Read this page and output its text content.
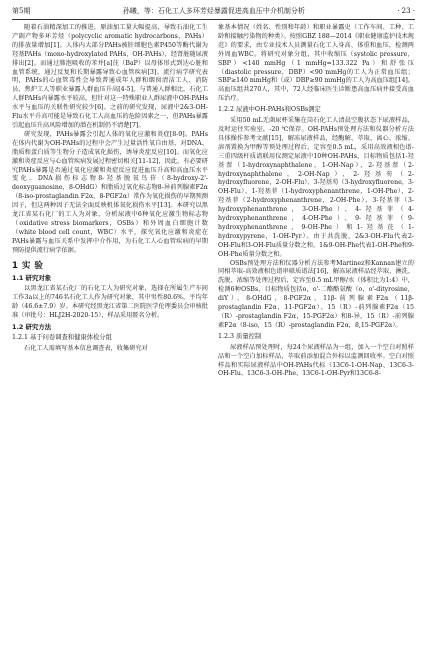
第5期	孙曦，等：石化工人多环芳烃暴露促进高血压中介机制分析	· 23 ·

随着石油精深加工的推进，原油加工量大幅提高，导致石油化工生产副产物多环芳烃（polycyclic aromatic hydrocarbons，PAHs）的排放量增加[1]。人体内大部分PAHs被肝细胞色素P450等酶代谢为羟基PAHs（mono-hydroxylated PAHs，OH-PAHs），经肾脏随尿液排出[2]。而通过肺泡吸收的苯并[a]芘（BaP）以母体形式到达心脏和血管系统，通过反复和长期暴露导致心血管疾病[3]。流行病学研究表明，PAHs的心血管毒性会导致普通成年人群和烟囱清洁工人、消防员、焦炉工人等职业暴露人群血压升高[4-5]。与普通人群相比，石化工人群PAHs内暴露水平较高，但针对这一特殊职业人群尿液中OH-PAHs水平与血压的关联性研究较少[6]。之前的研究发现，尿液中2&3-OH-Flu水平升高可能是导致石化工人高血压的危险因素之一，但PAHs暴露引起血压升高风险增加的潜在机制仍不清楚[7]。

研究发现，PAHs暴露会引起人体的氧化应激和炎症[8-9]。PAHs在体内代谢为OH-PAHs的过程中会产生过量活性氧自由基，对DNA、脂质和蛋白质等生物分子造成氧化损伤，诱导炎症反应[10]。而氧化应激和炎症反应与心血管疾病发展过程密切相关[11-12]，因此，有必要研究PAHs暴露是否通过氧化应激和炎症反应促进血压升高和高血压水平变化。DNA损伤标志物8-羟基脱氧鸟苷（8-hydroxy-2'-deoxyguanosine，8-OHdG）和脂质过氧化标志物8-异前列腺素F2α（8-iso-prostaglandin F2α，8-PGF2α）常作为氧化损伤的早期预测因子，但这两种因子无法全面反映机体氧化损伤水平[13]。本研究以黑龙江省某石化厂的工人为对象，分析尿液中6种氧化应激生物标志物（oxidative stress biomarkers，OSBs）和外周血白细胞计数（white blood cell count，WBC）水平，探究氧化应激和炎症在PAHs暴露与血压关系中发挥中介作用，为石化工人心血管疾病的早期预防提供流行病学依据。

1 实 验
1.1 研究对象

以黑龙江省某石化厂的石化工人为研究对象，选择在所属生产车间工作3a以上的746名石化工人作为研究对象，其中男性80.6%，平均年龄（46.6±7.9）岁。本研究经黑龙江省第二医院医学伦理委员会审核批准（审批号：HLJ2H-2020-15），样品采用匿名分析。

1.2 研究方法
1.2.1 基于问卷调查和健康体检分组

石化工人需填写基本信息调查表，收集研究对

象基本情况（姓名、性别和年龄）和职业暴露史（工作车间、工种、工龄和接触污染物的种类）。按照GBZ 188—2014《职业健康监护技术规范》的要求，由专业技术人员测量石化工人身高、体重和血压，检测两外周血WBC。将研究对象分组，其中收缩压（systolic pressure，SBP）<140 mmHg（1 mmHg=133.322 Pa）和舒张压（diastolic pressure，DBP）<90 mmHg的工人为正常血压组；SBP≥140 mmHg和（或）DBP≥90 mmHg的工人为高血压组[14]。高血压组共270人，其中，72人经临床医生诊断患高血压病并接受高血压治疗。

1.2.2 尿液中OH-PAHs和OSBs测定

采用50 mL无菌尿杯采集在岗石化工人清晨空腹状态下尿液样品，及时运往实验室，-20 ℃保存。OH-PAHs预处理方法和仪器分析方法具体操作参考文献[15]，解冻尿液样品，经酶解、萃取、离心、浓缩、溶剂置换为甲醇等预处理过程后，定容至0.5 mL，采用高效液相色谱-三重四级杆质谱联用仪测定尿液中10种OH-PAHs，目标物质包括1-羟基萘（1-hydroxynaphthalene，1-OH-Nap）、2-羟基萘（2-hydroxynaphthalene，2-OH-Nap）、2-羟基芴（2-hydroxyfluorene，2-OH-Flu）、3-羟基芴（3-hydroxyfluorene，3-OH-Flu）、1-羟基菲（1-hydroxyphenanthrene，1-OH-Phe）、2-羟基菲（2-hydroxyphenanthrene，2-OH-Phe）、3-羟基菲（3-hydroxyphenanthrene，3-OH-Phe）、4-羟基菲（4-hydroxyphenanthrene，4-OH-Phe）、9-羟基菲（9-hydroxyphenanthrene，9-OH-Phe）和1-羟基芘（1-hydroxypyrene，1-OH-Pyr）。由于共洗脱，2&3-OH-Flu代表2-OH-Flu和3-OH-Flu质量分数之和，1&9-OH-Phe代表1-OH-Phe和9-OH-Phe质量分数之和。

OSBs预处理方法和仪器分析方法参考Martinez和Kannan建立的同相萃取-高效液相色谱串联质谱法[16]，解冻尿液样品经萃取、淋洗、洗脱、浓缩等处理过程后，定容至0.5 mL甲醇/水（体积比为1:4）中，检测6种OSBs，目标物质包括o，o'-二酪酪氨酸（o，o'-dityrosine，diY）、8-OHdG、8-PGF2α、11β-前列腺素F2α（11β-prostaglandin F2α，11-PGF2α）、15（R）-前列腺素F2α（15（R）-prostaglandin F2α，15-PGF2α）和8-异，15（R）-前列腺素F2α（8-iso，15（R）-prostaglandin F2α，8,15-PGF2α）。

1.2.3 质量控制

尿液样品预处理时，每24个尿液样品为一组，加入一个空白对照样品和一个空白加标样品，萃取前添加混合外标以监测回收率。空白对照样品和实际尿液样品中OH-PAHs代标（13C6-1-OH-Nap、13C6-3-OH-Flu、13C6-3-OH-Phe、13C6-1-OH-Pyr和13C6-8-
